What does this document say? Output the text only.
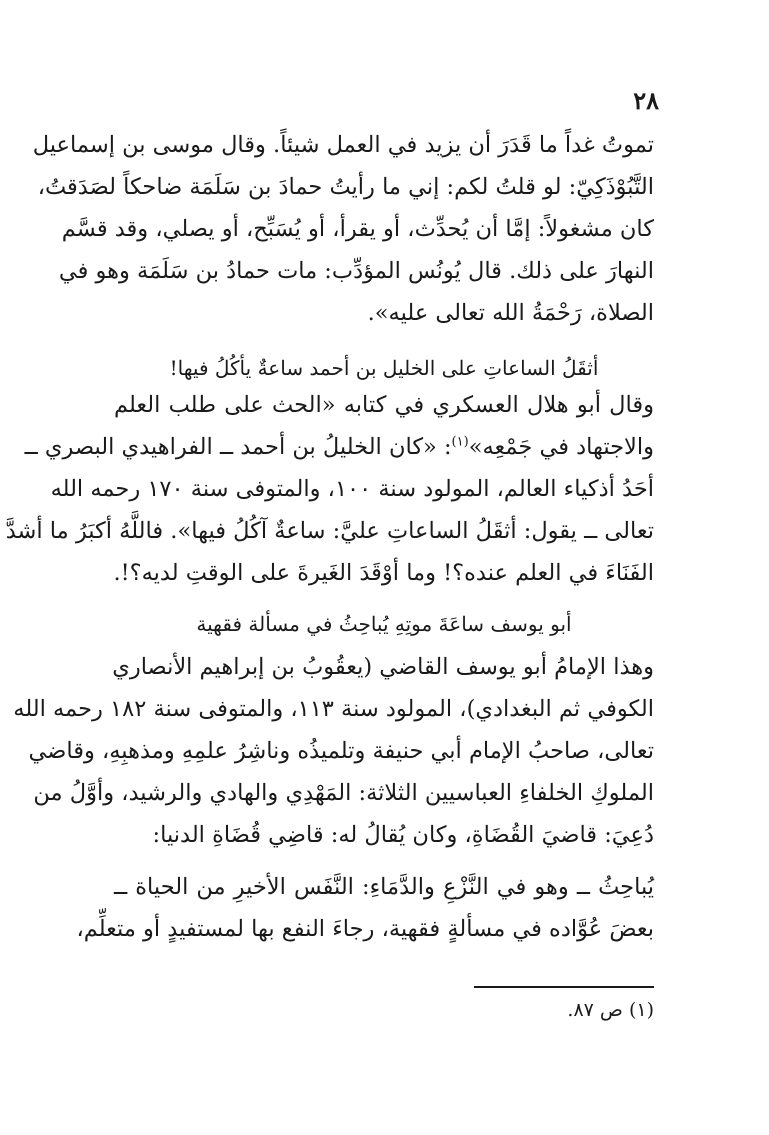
٢٨
تموتُ غداً ما قَدَرَ أن يزيد في العمل شيئاً. وقال موسى بن إسماعيل
التَّبُوْذَكِيّ: لو قلتُ لكم: إني ما رأيتُ حمادَ بن سَلَمَة ضاحكاً لصَدَقتُ،
كان مشغولاً: إمَّا أن يُحدِّث، أو يقرأ، أو يُسَبِّح، أو يصلي، وقد قسَّم
النهارَ على ذلك. قال يُونُس المؤدِّب: مات حمادُ بن سَلَمَة وهو في
الصلاة، رَحْمَةُ الله تعالى عليه».
أثقَلُ الساعاتِ على الخليل بن أحمد ساعةٌ يأكُلُ فيها!
وقال أبو هلال العسكري في كتابه «الحث على طلب العلم
والاجتهاد في جَمْعِه»$^{(١)}$: «كان الخليلُ بن أحمد ــ الفراهيدي البصري ــ
أحَدُ أذكياء العالم، المولود سنة ١٠٠، والمتوفى سنة ١٧٠ رحمه الله
تعالى ــ يقول: أثقَلُ الساعاتِ عليَّ: ساعةٌ آكُلُ فيها». فاللَّهُ أكبَرُ ما أشدَّ
الفَنَاءَ في العلم عنده؟! وما أوْقَدَ الغَيرةَ على الوقتِ لديه؟!.
أبو يوسف ساعَةَ موتِهِ يُباحِثُ في مسألة فقهية
وهذا الإمامُ أبو يوسف القاضي (يعقُوبُ بن إبراهيم الأنصاري
الكوفي ثم البغدادي)، المولود سنة ١١٣، والمتوفى سنة ١٨٢ رحمه الله
تعالى، صاحبُ الإمام أبي حنيفة وتلميذُه وناشِرُ علمِهِ ومذهبِهِ، وقاضي
الملوكِ الخلفاءِ العباسيين الثلاثة: المَهْدِي والهادي والرشيد، وأوَّلُ من
دُعِيَ: قاضيَ القُضَاةِ، وكان يُقالُ له: قاضِي قُضَاةِ الدنيا:
يُباحِثُ ــ وهو في النَّزْعِ والدَّمَاءِ: النَّفَس الأخيرِ من الحياة ــ
بعضَ عُوَّاده في مسألةٍ فقهية، رجاءَ النفع بها لمستفيدٍ أو متعلِّم،
(١) ص ٨٧.
